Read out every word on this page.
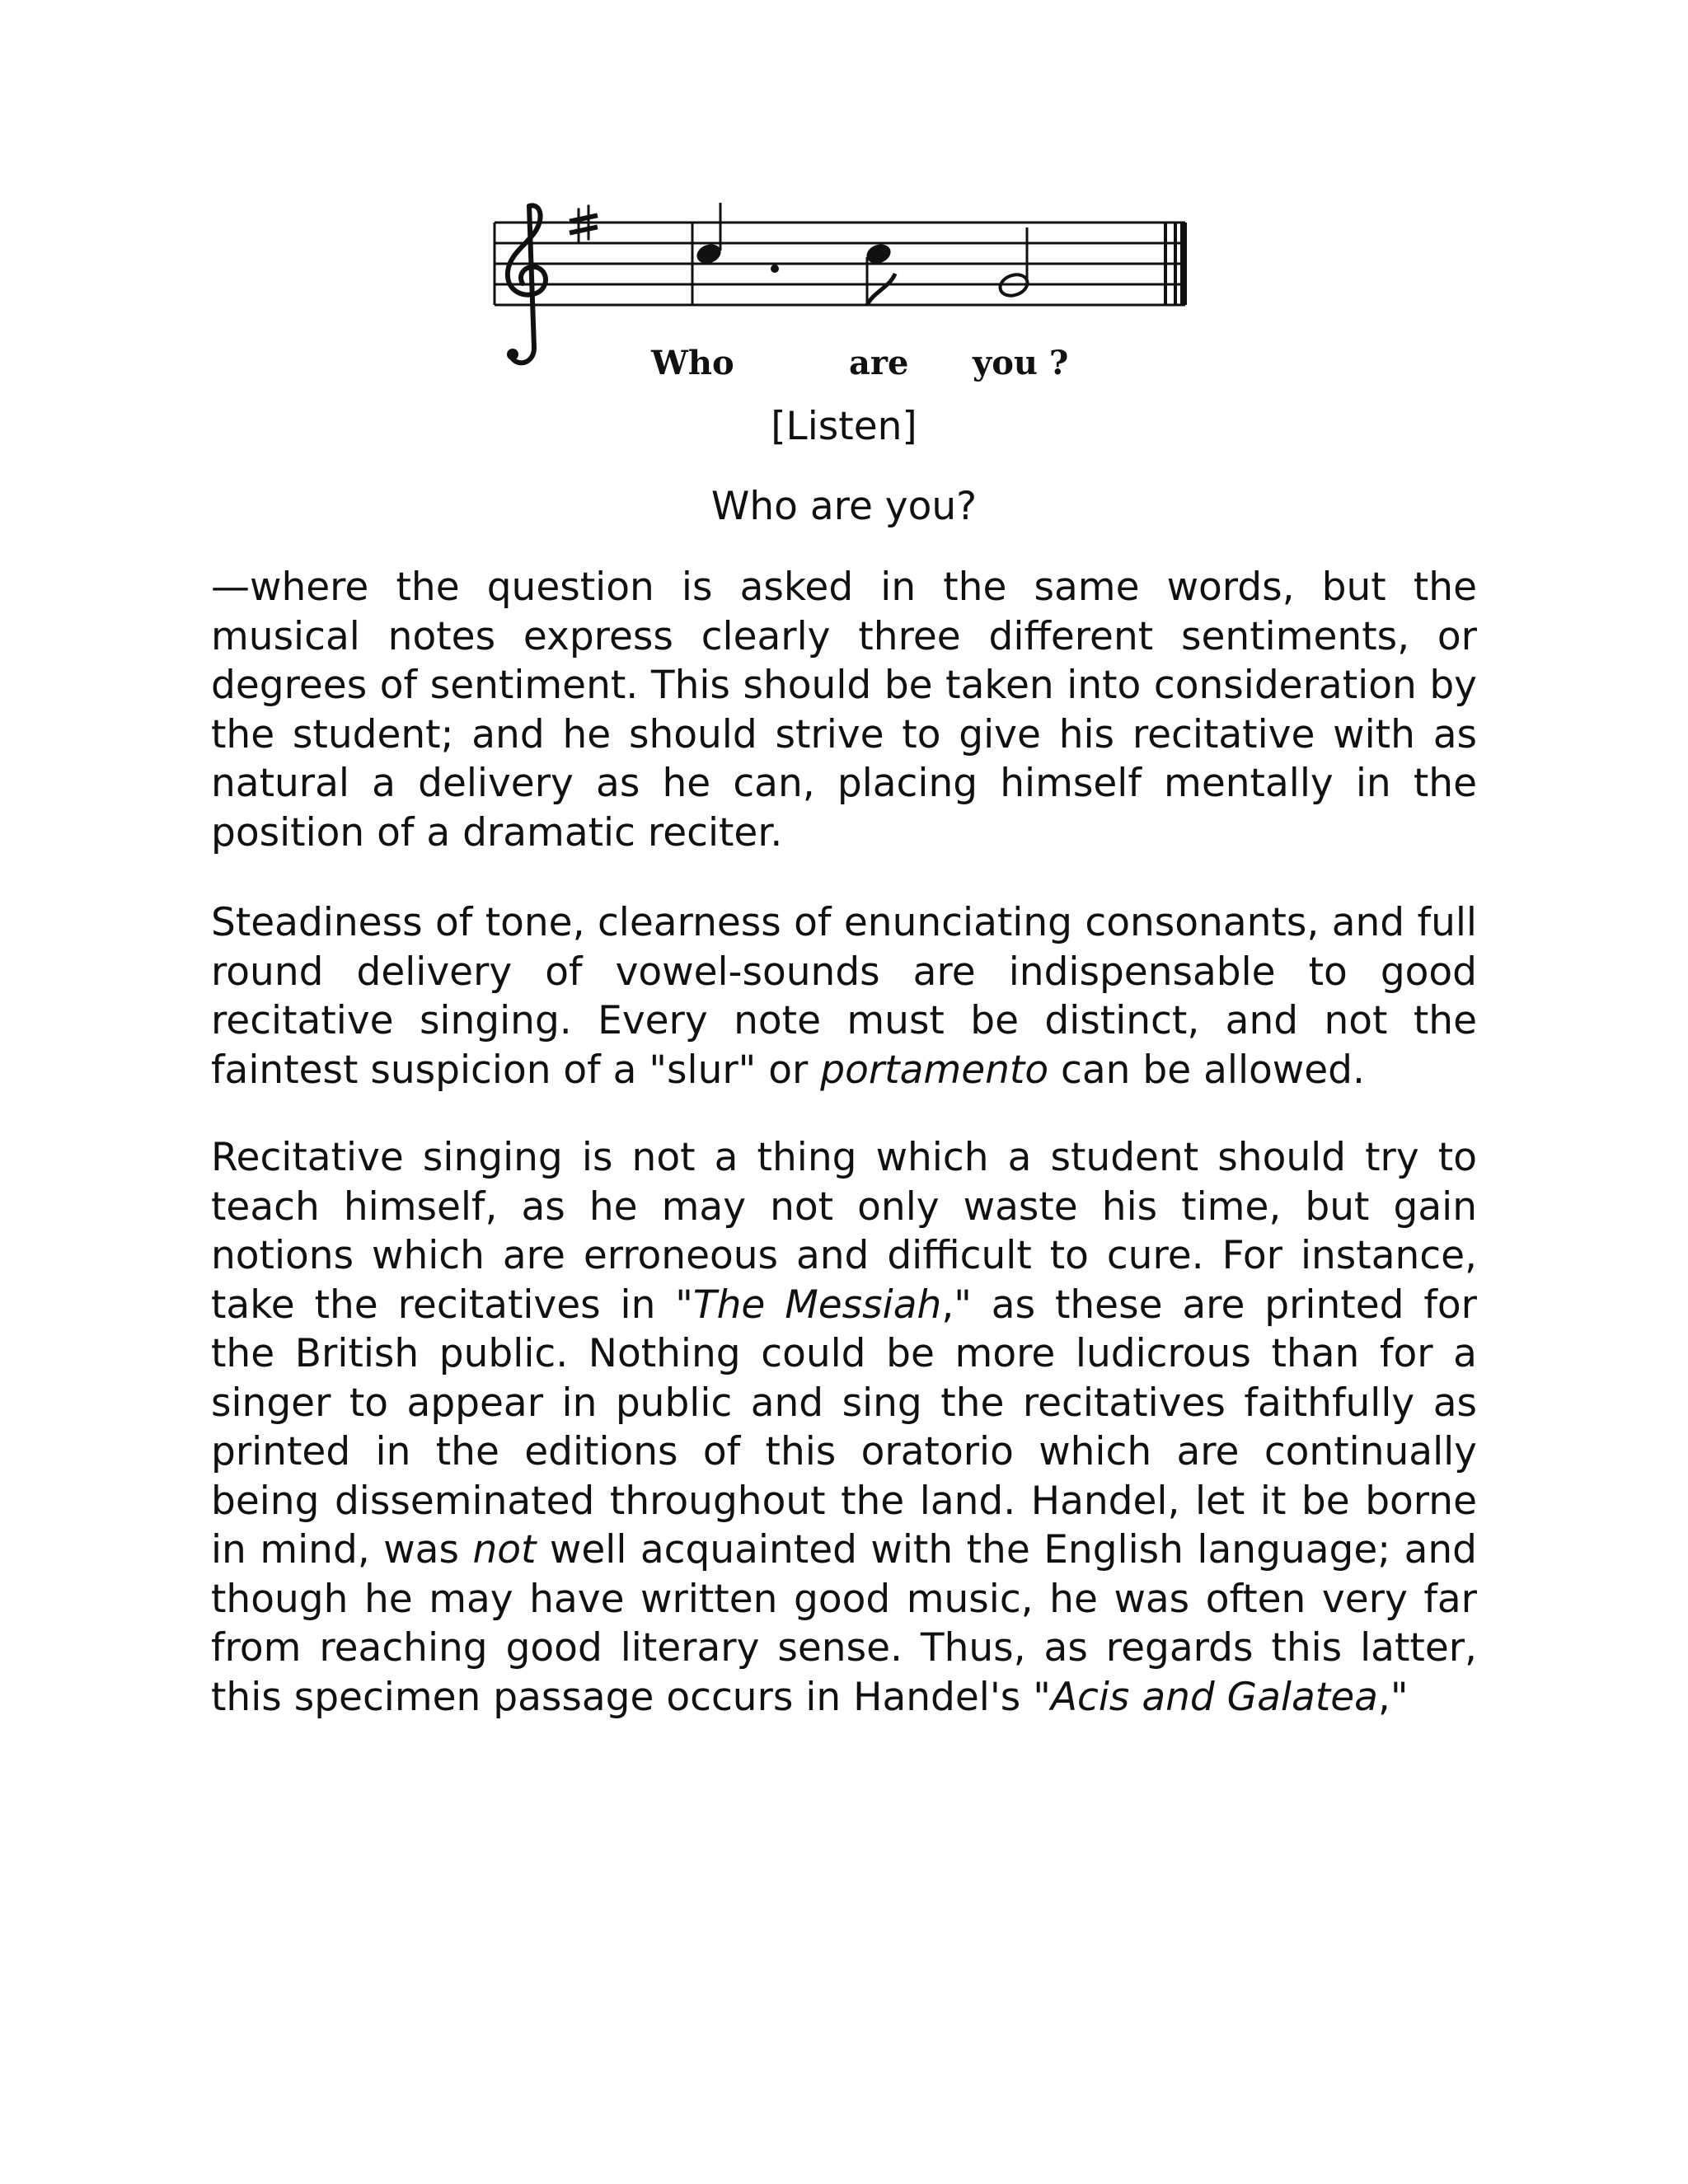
Who	are you ?

[Listen]

Who are you?

—where the question is asked in the same words, but the musical notes express clearly three different sentiments, or degrees of sentiment. This should be taken into consideration by the student; and he should strive to give his recitative with as natural a delivery as he can, placing himself mentally in the position of a dramatic reciter.

Steadiness of tone, clearness of enunciating consonants, and full round delivery of vowel-sounds are indispensable to good recitative singing. Every note must be distinct, and not the faintest suspicion of a "slur" or portamento can be allowed.

Recitative singing is not a thing which a student should try to teach himself, as he may not only waste his time, but gain notions which are erroneous and difficult to cure. For instance, take the recitatives in "The Messiah," as these are printed for the British public. Nothing could be more ludicrous than for a singer to appear in public and sing the recitatives faithfully as printed in the editions of this oratorio which are continually being disseminated throughout the land. Handel, let it be borne in mind, was not well acquainted with the English language; and though he may have written good music, he was often very far from reaching good literary sense. Thus, as regards this latter, this specimen passage occurs in Handel's "Acis and Galatea,"
